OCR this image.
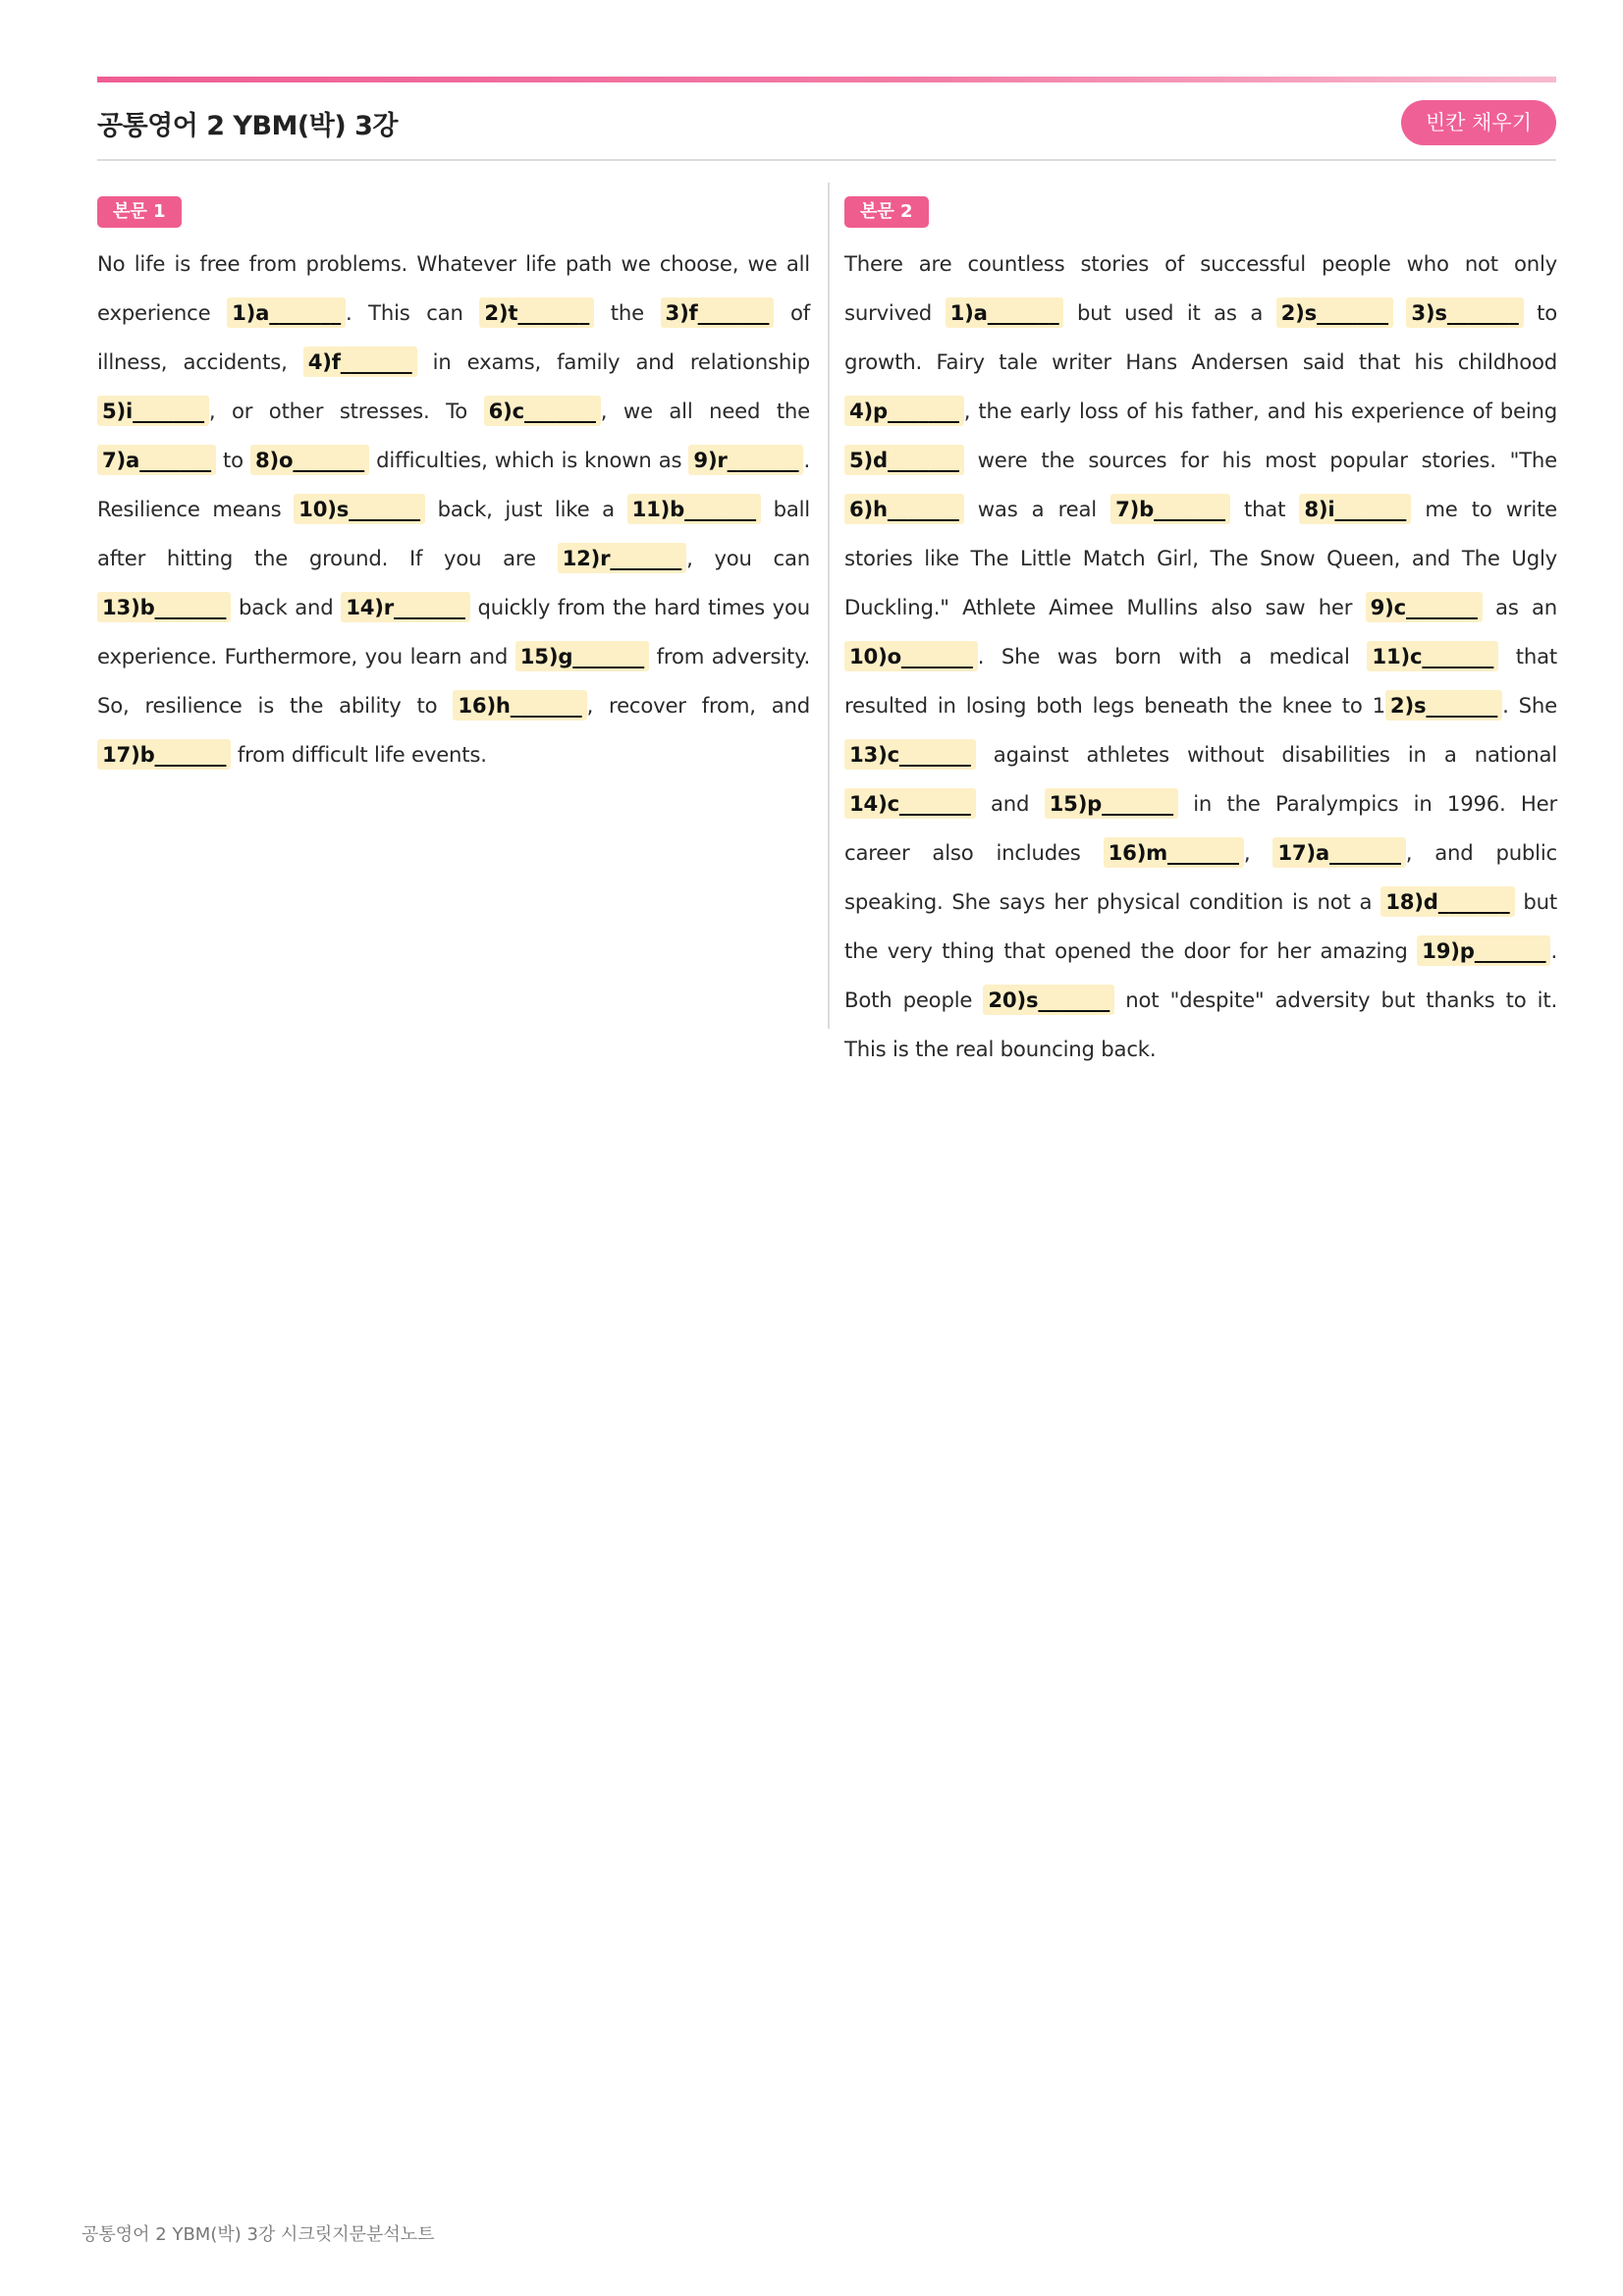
공통영어 2 YBM(박) 3강	빈칸 채우기
본문 1

No life is free from problems. Whatever life path we choose, we all experience 1)a_______ . This can 2)t_______ the 3)f_______ of illness, accidents, 4)f_______ in exams, family and relationship 5)i_______ , or other stresses. To 6)c_______ , we all need the 7)a_______ to 8)o_______ difficulties, which is known as 9)r_______ . Resilience means 10)s_______ back, just like a 11)b_______ ball after hitting the ground. If you are 12)r_______ , you can 13)b_______ back and 14)r_______ quickly from the hard times you experience. Furthermore, you learn and 15)g_______ from adversity. So, resilience is the ability to 16)h_______ , recover from, and 17)b_______ from difficult life events.

본문 2

There are countless stories of successful people who not only survived 1)a_______ but used it as a 2)s_______ 3)s_______ to growth. Fairy tale writer Hans Andersen said that his childhood 4)p_______ , the early loss of his father, and his experience of being 5)d_______ were the sources for his most popular stories. "The 6)h_______ was a real 7)b_______ that 8)i_______ me to write stories like The Little Match Girl, The Snow Queen, and The Ugly Duckling." Athlete Aimee Mullins also saw her 9)c_______ as an 10)o_______ . She was born with a medical 11)c_______ that resulted in losing both legs beneath the knee to 1 2)s_______ . She 13)c_______ against athletes without disabilities in a national 14)c_______ and 15)p_______ in the Paralympics in 1996. Her career also includes 16)m_______ , 17)a_______ , and public speaking. She says her physical condition is not a 18)d_______ but the very thing that opened the door for her amazing 19)p_______ . Both people 20)s_______ not "despite" adversity but thanks to it. This is the real bouncing back.

공통영어 2 YBM(박) 3강 시크릿지문분석노트
